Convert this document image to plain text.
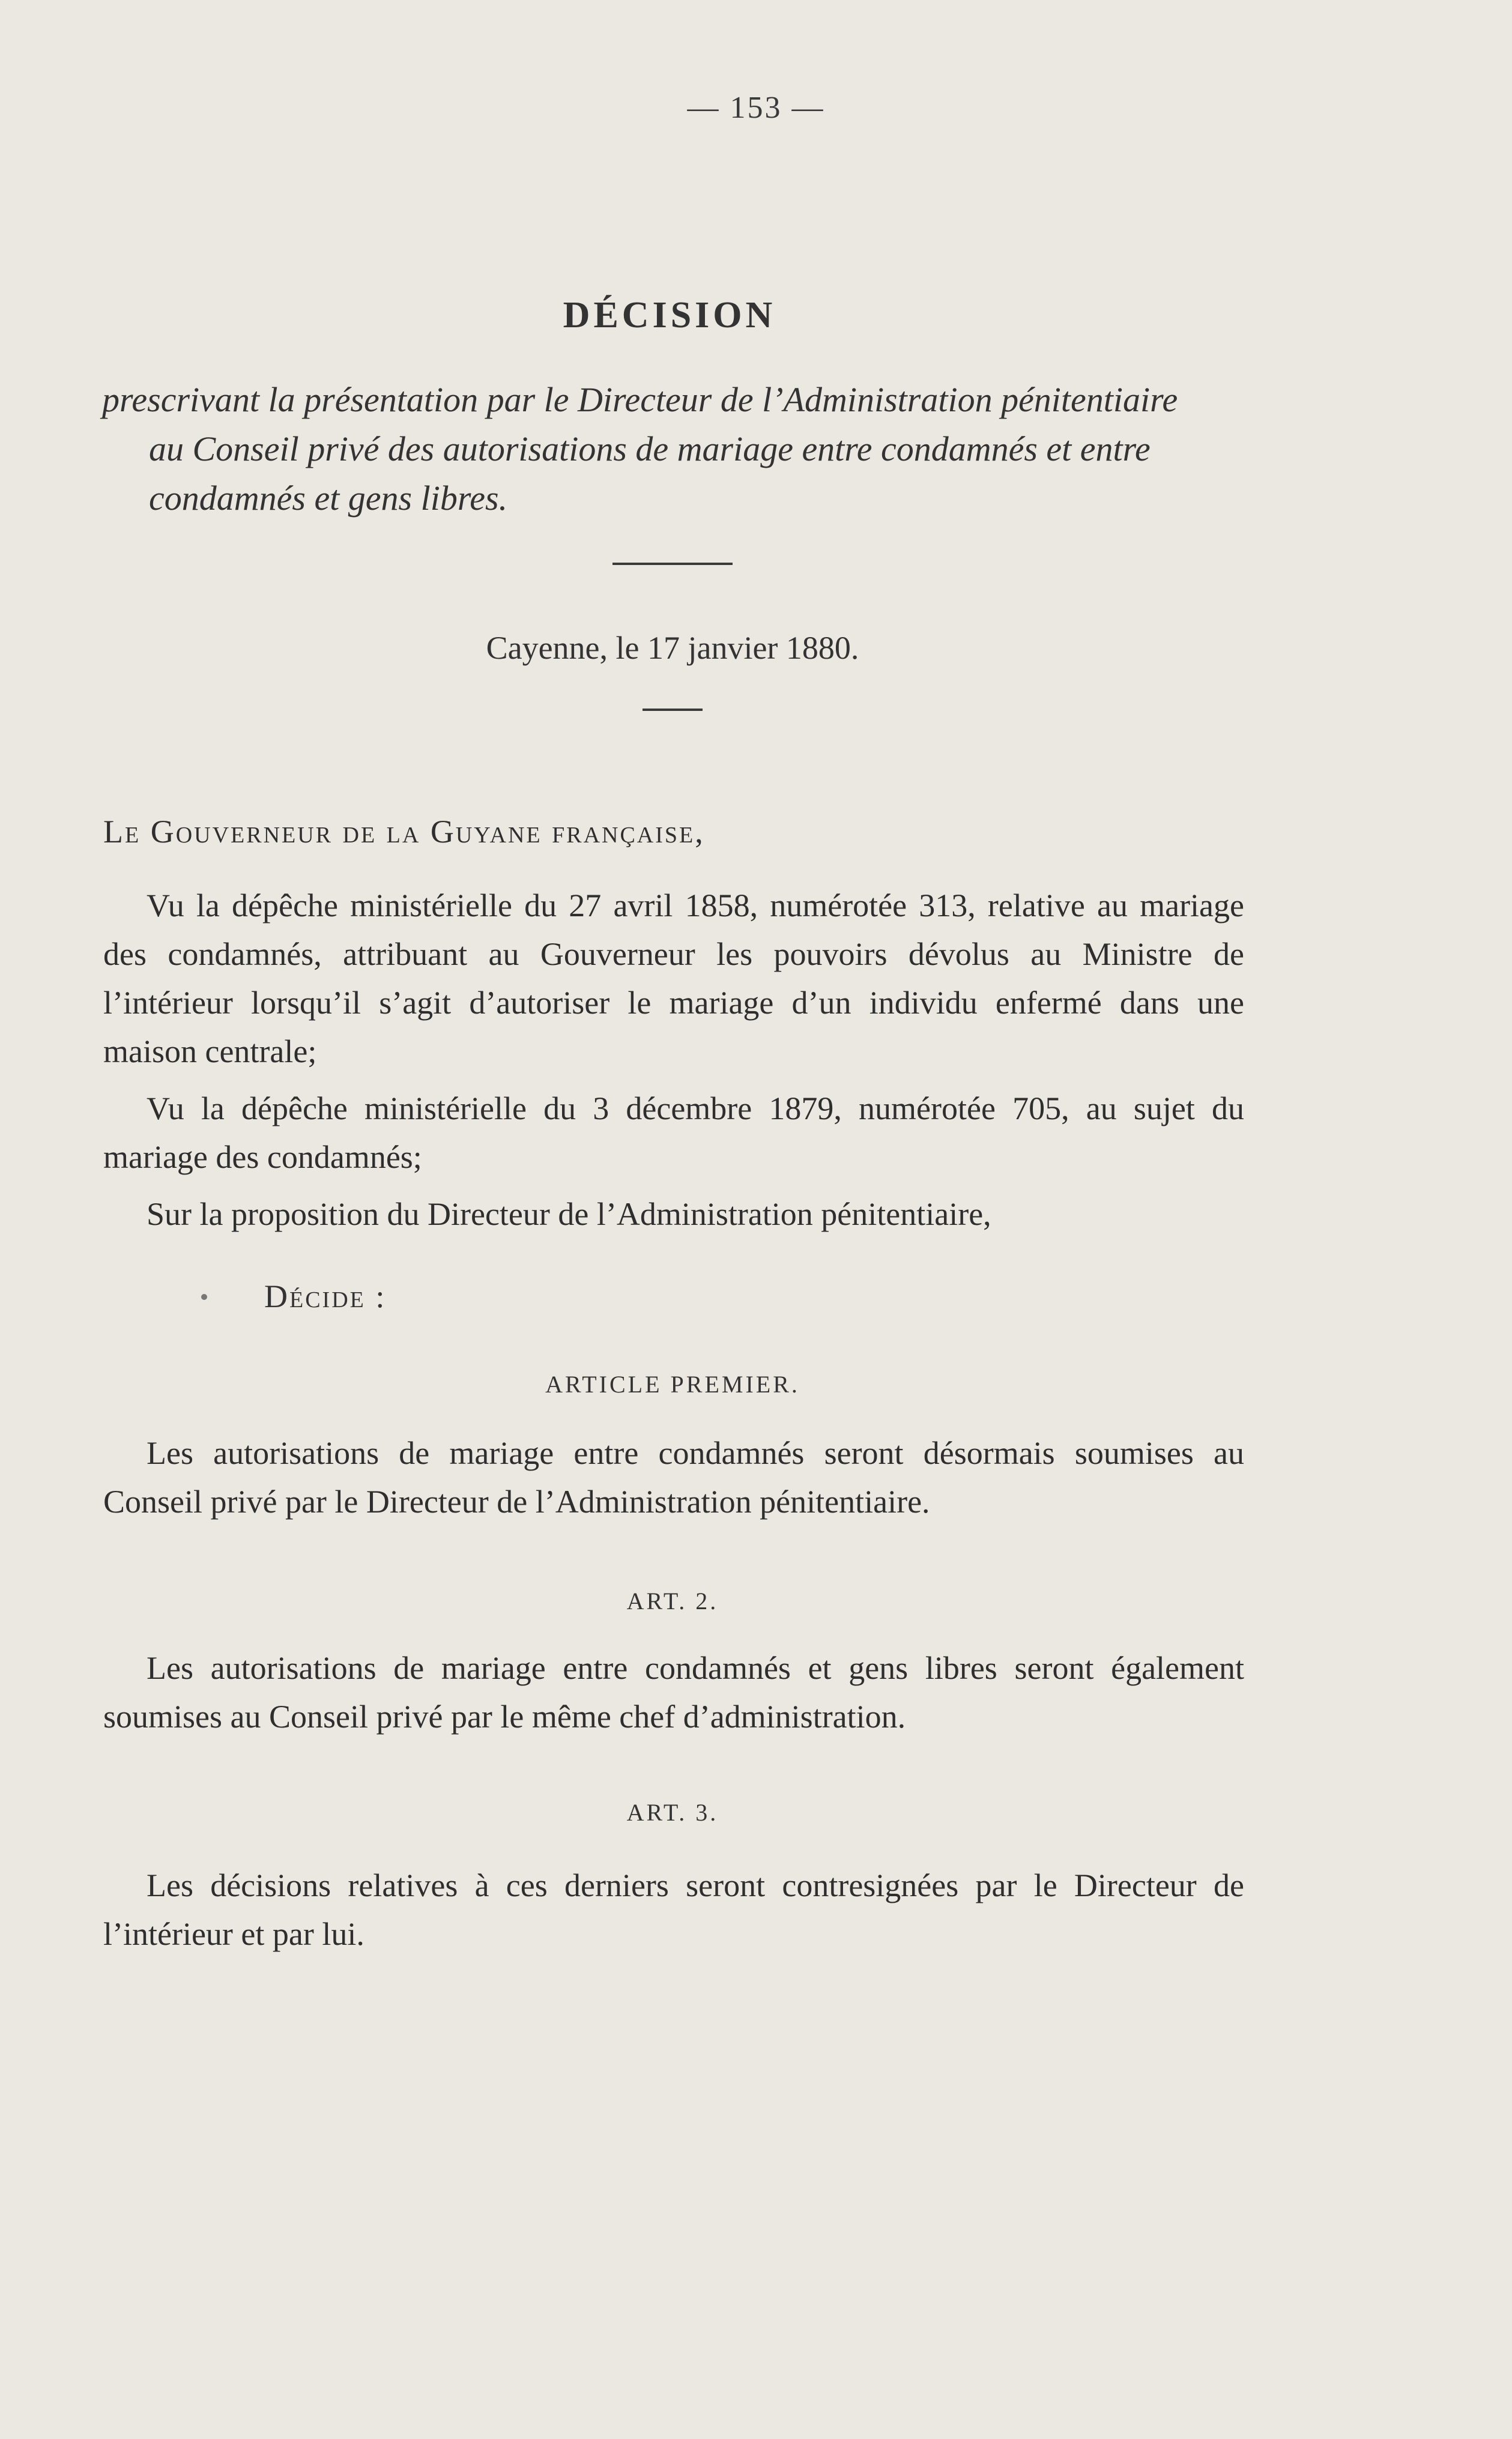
— 153 —
DÉCISION

prescrivant la présentation par le Directeur de l’Administration pénitentiaire

au Conseil privé des autorisations de mariage entre condamnés et entre

condamnés et gens libres.

Cayenne, le 17 janvier 1880.
Le Gouverneur de la Guyane française,

Vu la dépêche ministérielle du 27 avril 1858, numérotée 313, relative au mariage des condamnés, attribuant au Gouverneur les pouvoirs dévolus au Ministre de l’intérieur lorsqu’il s’agit d’autoriser le mariage d’un individu enfermé dans une maison centrale;

Vu la dépêche ministérielle du 3 décembre 1879, numérotée 705, au sujet du mariage des condamnés;

Sur la proposition du Directeur de l’Administration pénitentiaire,

Décide :
ARTICLE PREMIER.

Les autorisations de mariage entre condamnés seront désormais soumises au Conseil privé par le Directeur de l’Administration pénitentiaire.

ART. 2.

Les autorisations de mariage entre condamnés et gens libres seront également soumises au Conseil privé par le même chef d’administration.

ART. 3.

Les décisions relatives à ces derniers seront contresignées par le Directeur de l’intérieur et par lui.
